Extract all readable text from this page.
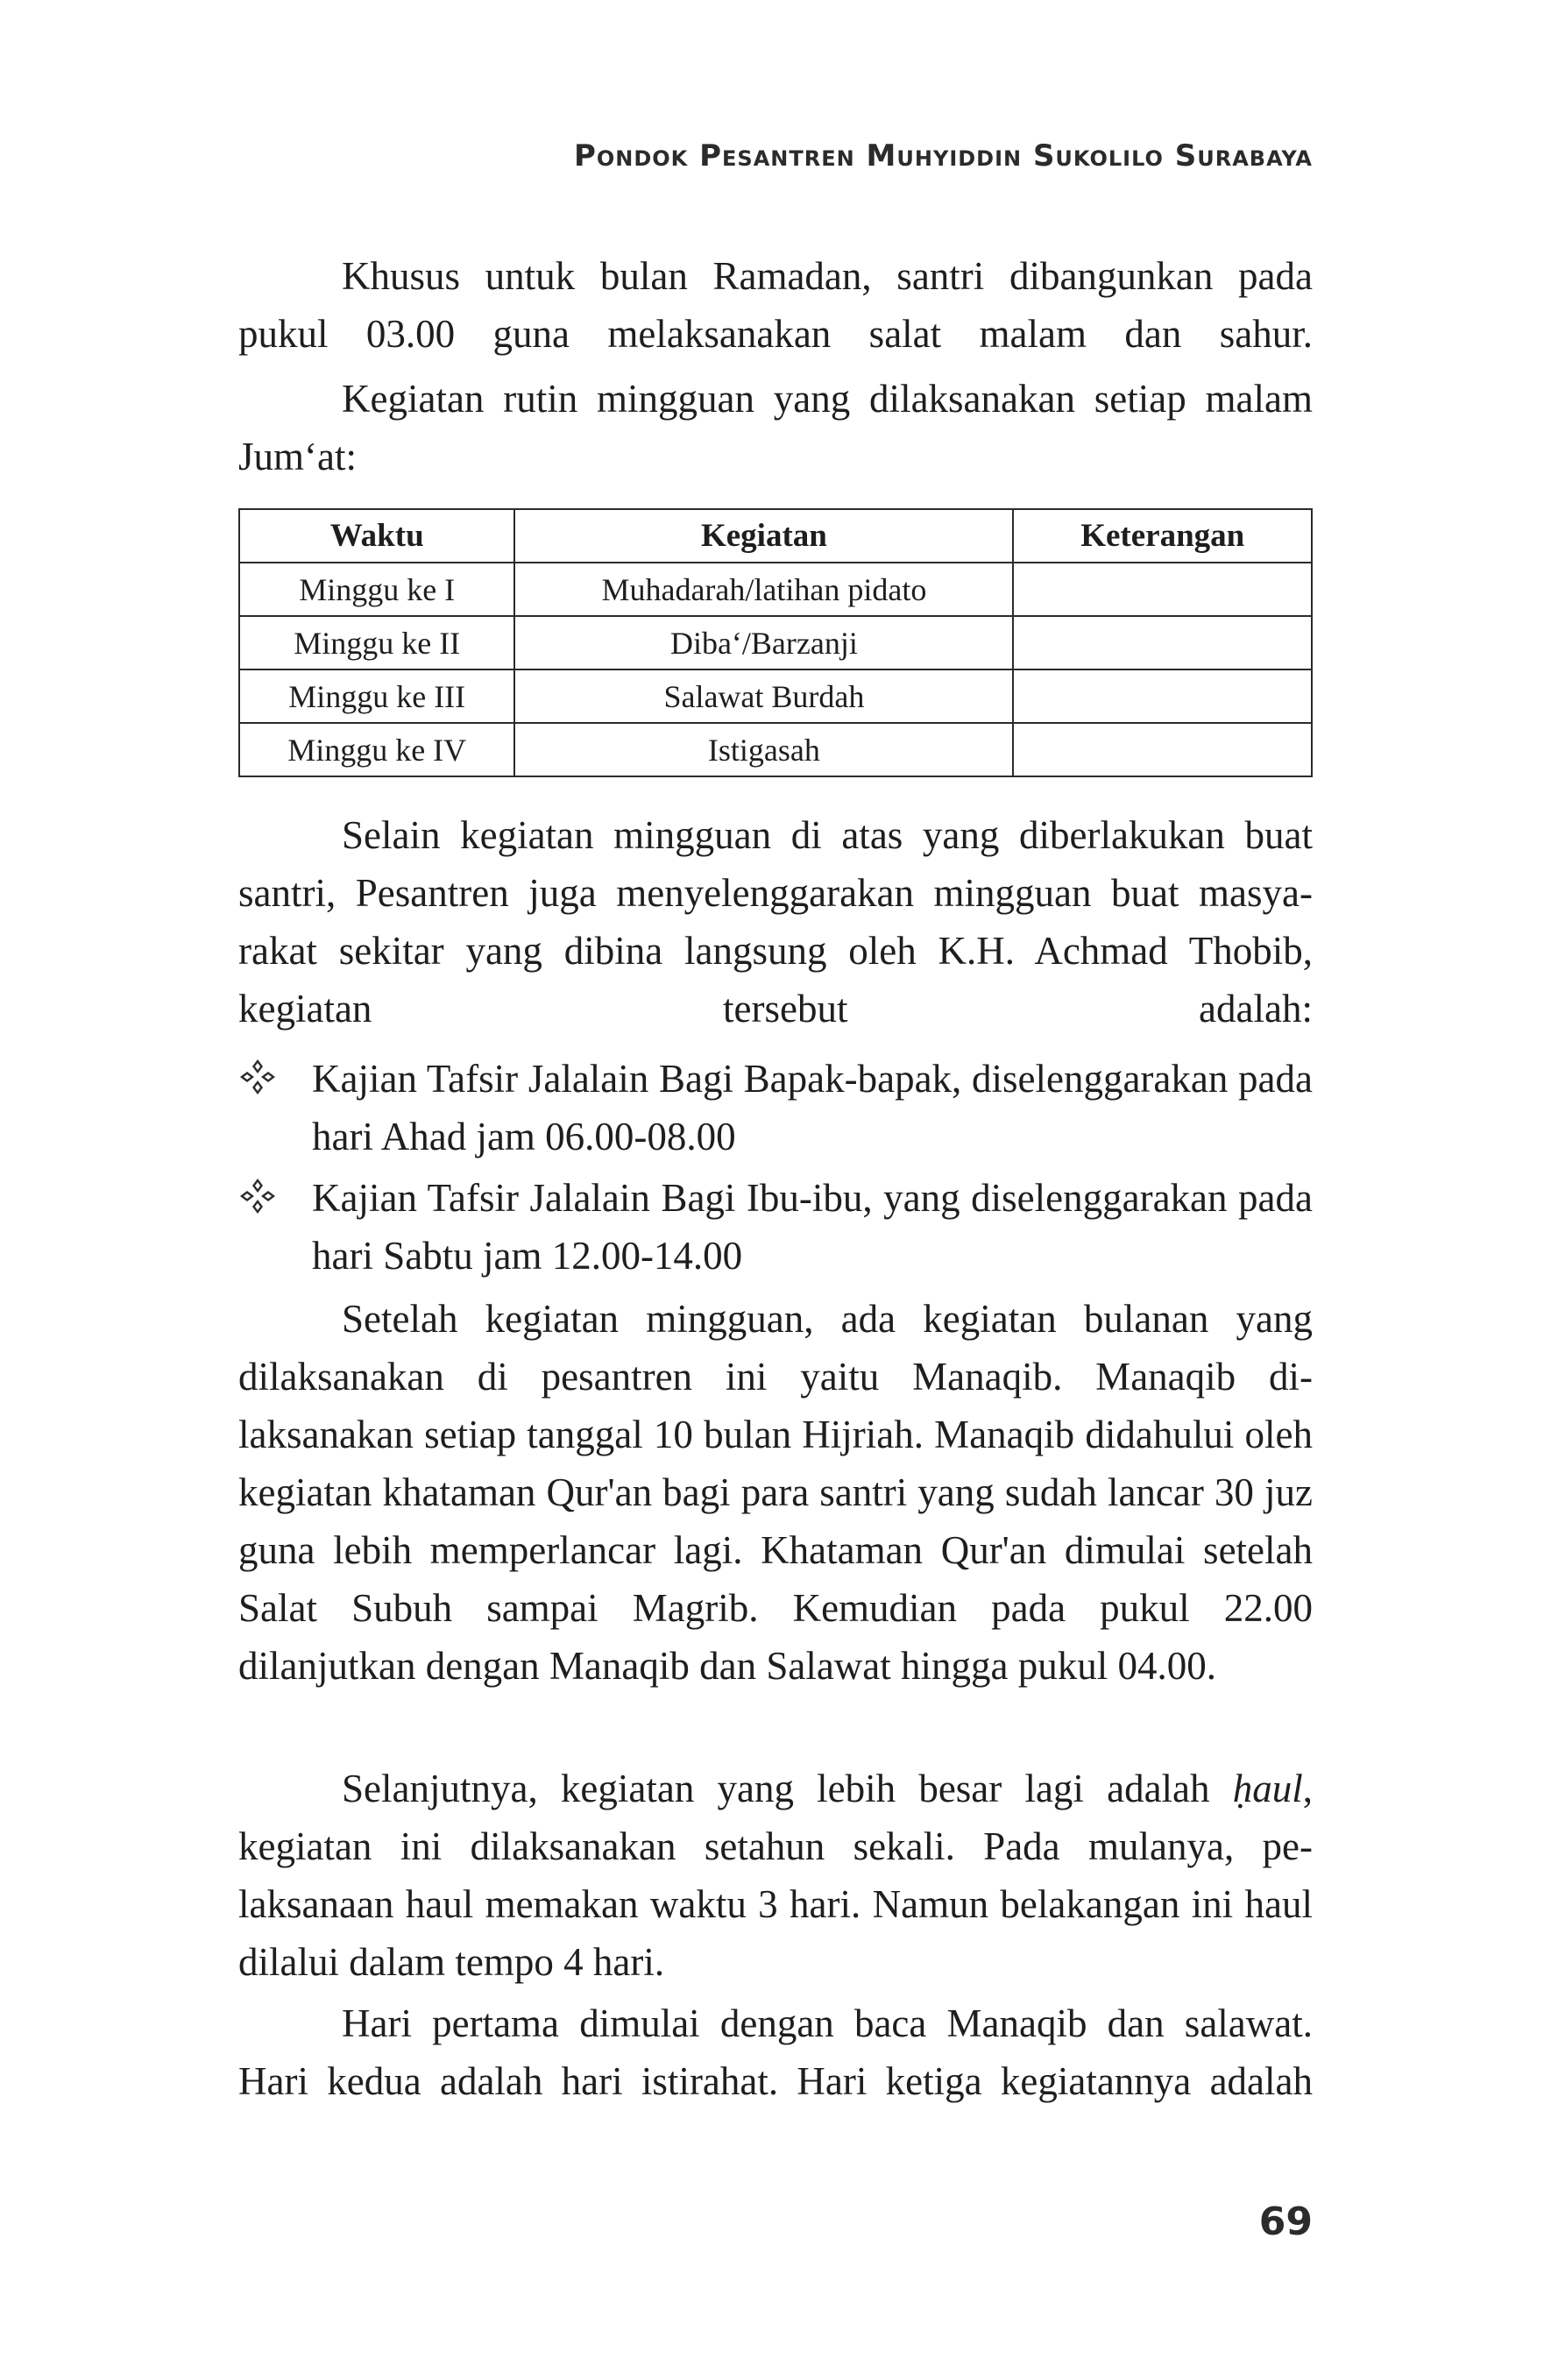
Pondok Pesantren Muhyiddin Sukolilo Surabaya

Khusus untuk bulan Ramadan, santri dibangunkan pada pukul 03.00 guna melaksanakan salat malam dan sahur.

Kegiatan rutin mingguan yang dilaksanakan setiap malam Jum‘at:

Waktu	Kegiatan	Keterangan
Minggu ke I	Muhadarah/latihan pidato	
Minggu ke II	Diba‘/Barzanji	
Minggu ke III	Salawat Burdah	
Minggu ke IV	Istigasah	

Selain kegiatan mingguan di atas yang diberlakukan buat santri, Pesantren juga menyelenggarakan mingguan buat masya-rakat sekitar yang dibina langsung oleh K.H. Achmad Thobib, kegiatan tersebut adalah:

Kajian Tafsir Jalalain Bagi Bapak-bapak, diselenggarakan pada hari Ahad jam 06.00-08.00
Kajian Tafsir Jalalain Bagi Ibu-ibu, yang diselenggarakan pada hari Sabtu jam 12.00-14.00

Setelah kegiatan mingguan, ada kegiatan bulanan yang dilaksanakan di pesantren ini yaitu Manaqib. Manaqib di-laksanakan setiap tanggal 10 bulan Hijriah. Manaqib didahului oleh kegiatan khataman Qur'an bagi para santri yang sudah lancar 30 juz guna lebih memperlancar lagi. Khataman Qur'an dimulai setelah Salat Subuh sampai Magrib. Kemudian pada pukul 22.00 dilanjutkan dengan Manaqib dan Salawat hingga pukul 04.00.

Selanjutnya, kegiatan yang lebih besar lagi adalah ḥaul, kegiatan ini dilaksanakan setahun sekali. Pada mulanya, pe-laksanaan haul memakan waktu 3 hari. Namun belakangan ini haul dilalui dalam tempo 4 hari.

Hari pertama dimulai dengan baca Manaqib dan salawat. Hari kedua adalah hari istirahat. Hari ketiga kegiatannya adalah

69
